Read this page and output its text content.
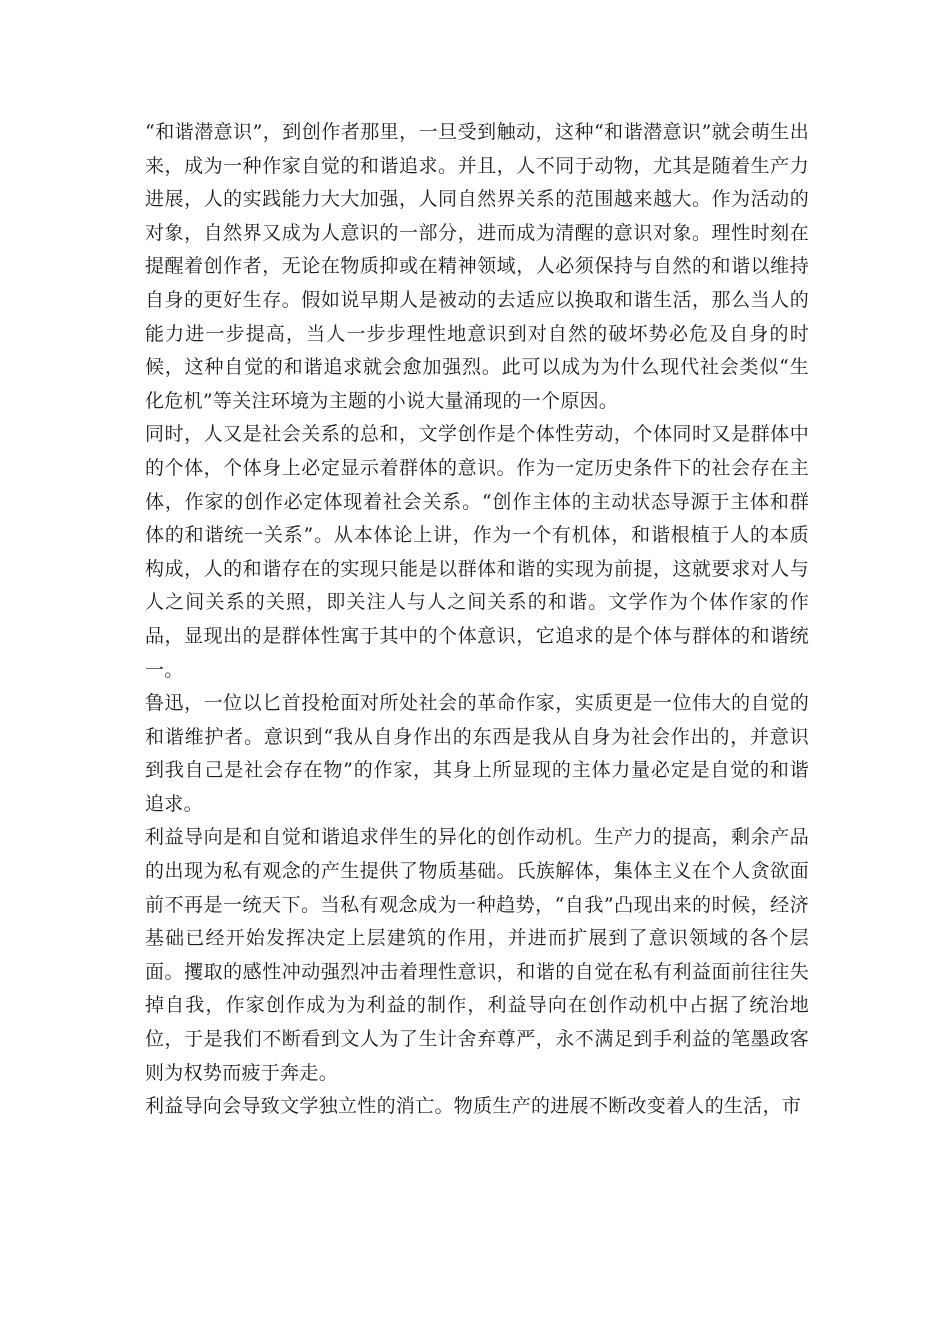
“和谐潜意识”，到创作者那里，一旦受到触动，这种“和谐潜意识”就会萌生出来，成为一种作家自觉的和谐追求。并且，人不同于动物，尤其是随着生产力进展，人的实践能力大大加强，人同自然界关系的范围越来越大。作为活动的对象，自然界又成为人意识的一部分，进而成为清醒的意识对象。理性时刻在提醒着创作者，无论在物质抑或在精神领域，人必须保持与自然的和谐以维持自身的更好生存。假如说早期人是被动的去适应以换取和谐生活，那么当人的能力进一步提高，当人一步步理性地意识到对自然的破坏势必危及自身的时候，这种自觉的和谐追求就会愈加强烈。此可以成为为什么现代社会类似“生化危机”等关注环境为主题的小说大量涌现的一个原因。

同时，人又是社会关系的总和，文学创作是个体性劳动，个体同时又是群体中的个体，个体身上必定显示着群体的意识。作为一定历史条件下的社会存在主体，作家的创作必定体现着社会关系。“创作主体的主动状态导源于主体和群体的和谐统一关系”。从本体论上讲，作为一个有机体，和谐根植于人的本质构成，人的和谐存在的实现只能是以群体和谐的实现为前提，这就要求对人与人之间关系的关照，即关注人与人之间关系的和谐。文学作为个体作家的作品，显现出的是群体性寓于其中的个体意识，它追求的是个体与群体的和谐统一。

鲁迅，一位以匕首投枪面对所处社会的革命作家，实质更是一位伟大的自觉的和谐维护者。意识到“我从自身作出的东西是我从自身为社会作出的，并意识到我自己是社会存在物”的作家，其身上所显现的主体力量必定是自觉的和谐追求。

利益导向是和自觉和谐追求伴生的异化的创作动机。生产力的提高，剩余产品的出现为私有观念的产生提供了物质基础。氏族解体，集体主义在个人贪欲面前不再是一统天下。当私有观念成为一种趋势，“自我”凸现出来的时候，经济基础已经开始发挥决定上层建筑的作用，并进而扩展到了意识领域的各个层面。攫取的感性冲动强烈冲击着理性意识，和谐的自觉在私有利益面前往往失掉自我，作家创作成为为利益的制作，利益导向在创作动机中占据了统治地位，于是我们不断看到文人为了生计舍弃尊严，永不满足到手利益的笔墨政客则为权势而疲于奔走。

利益导向会导致文学独立性的消亡。物质生产的进展不断改变着人的生活，市
